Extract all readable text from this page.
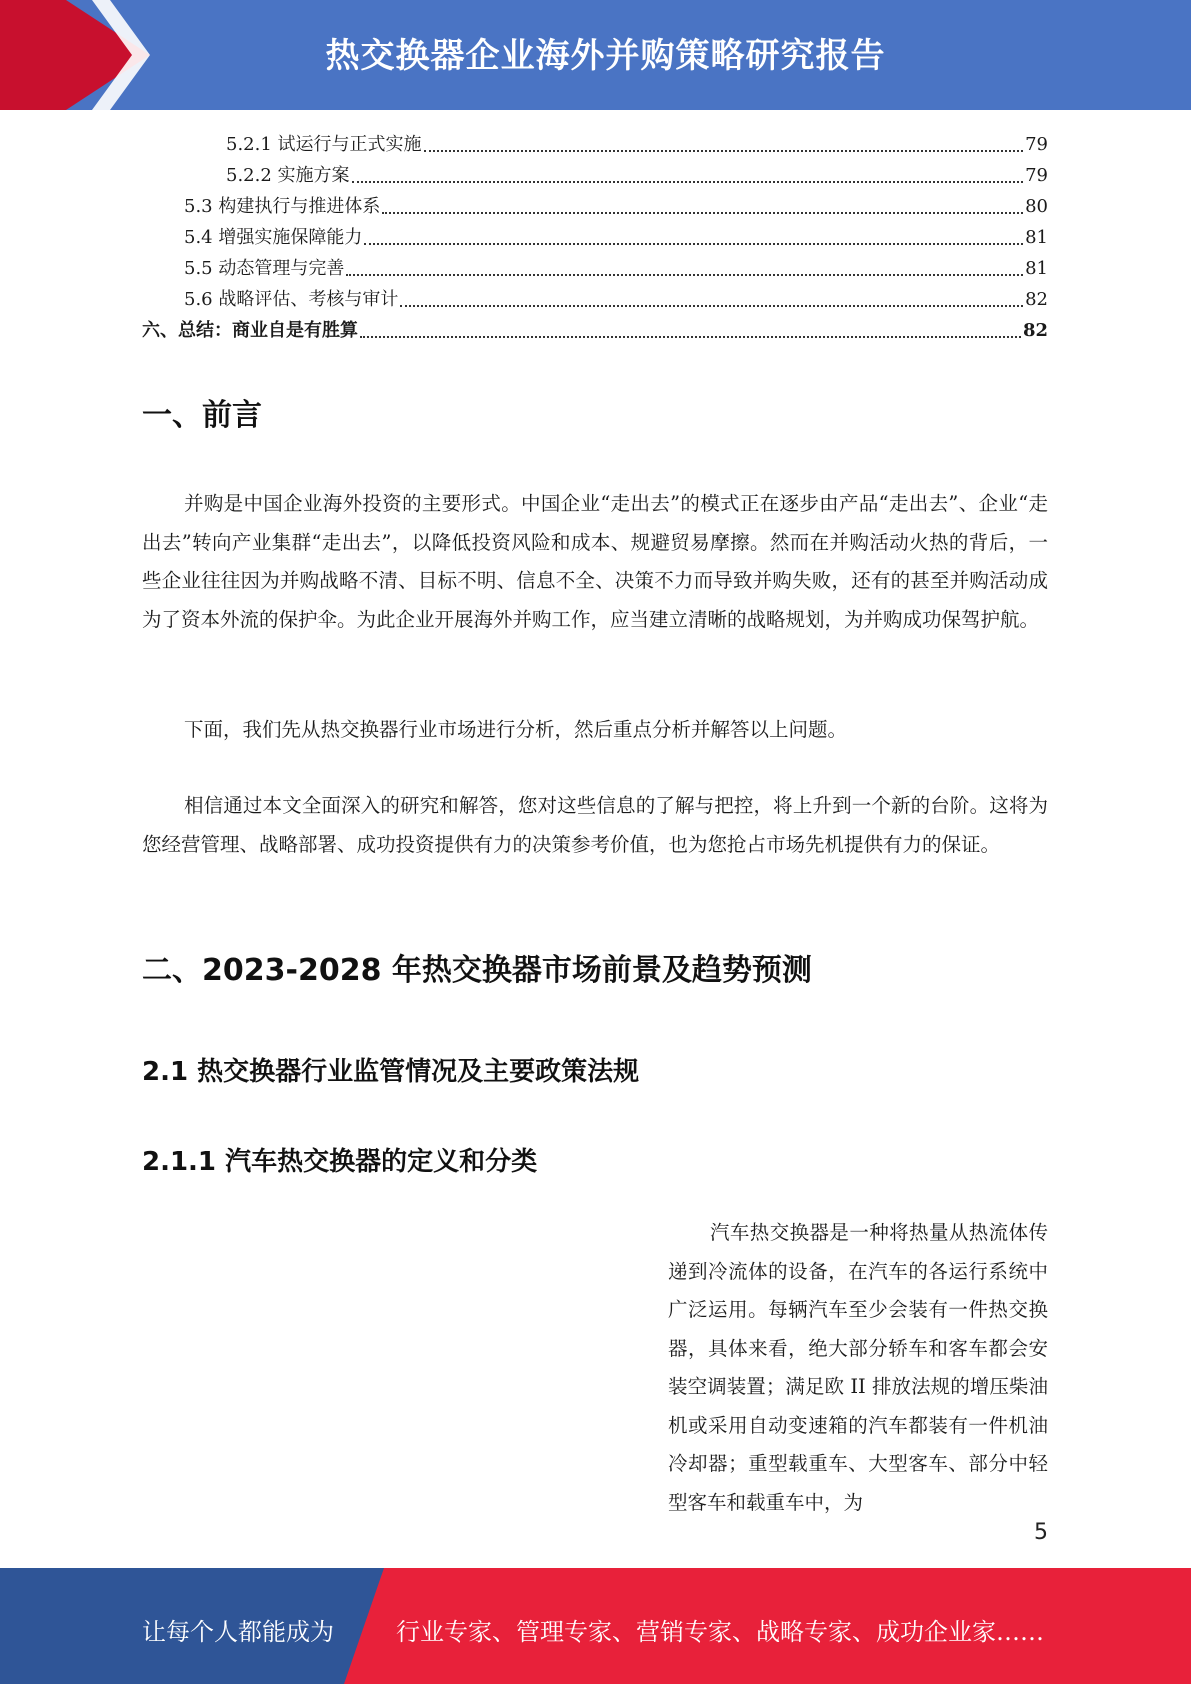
热交换器企业海外并购策略研究报告
5.2.1 试运行与正式实施	79
5.2.2 实施方案	79
5.3 构建执行与推进体系	80
5.4 增强实施保障能力	81
5.5 动态管理与完善	81
5.6 战略评估、考核与审计	82
六、总结：商业自是有胜算	82
一、前言
并购是中国企业海外投资的主要形式。中国企业“走出去”的模式正在逐步由产品“走出去”、企业“走出去”转向产业集群“走出去”，以降低投资风险和成本、规避贸易摩擦。然而在并购活动火热的背后，一些企业往往因为并购战略不清、目标不明、信息不全、决策不力而导致并购失败，还有的甚至并购活动成为了资本外流的保护伞。为此企业开展海外并购工作，应当建立清晰的战略规划，为并购成功保驾护航。
下面，我们先从热交换器行业市场进行分析，然后重点分析并解答以上问题。
相信通过本文全面深入的研究和解答，您对这些信息的了解与把控，将上升到一个新的台阶。这将为您经营管理、战略部署、成功投资提供有力的决策参考价值，也为您抢占市场先机提供有力的保证。
二、2023-2028 年热交换器市场前景及趋势预测
2.1 热交换器行业监管情况及主要政策法规
2.1.1 汽车热交换器的定义和分类
汽车热交换器是一种将热量从热流体传递到冷流体的设备，在汽车的各运行系统中广泛运用。每辆汽车至少会装有一件热交换器，具体来看，绝大部分轿车和客车都会安装空调装置；满足欧 II 排放法规的增压柴油机或采用自动变速箱的汽车都装有一件机油冷却器；重型载重车、大型客车、部分中轻型客车和载重车中，为
5
让每个人都能成为	行业专家、管理专家、营销专家、战略专家、成功企业家……
